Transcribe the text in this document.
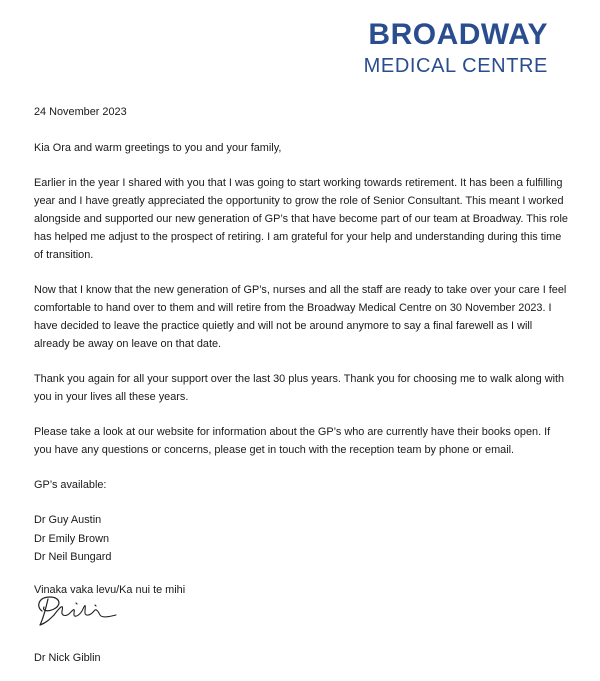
BROADWAY
MEDICAL CENTRE

24 November 2023

Kia Ora and warm greetings to you and your family,

Earlier in the year I shared with you that I was going to start working towards retirement. It has been a fulfilling year and I have greatly appreciated the opportunity to grow the role of Senior Consultant. This meant I worked alongside and supported our new generation of GP’s that have become part of our team at Broadway. This role has helped me adjust to the prospect of retiring. I am grateful for your help and understanding during this time of transition.

Now that I know that the new generation of GP’s, nurses and all the staff are ready to take over your care I feel comfortable to hand over to them and will retire from the Broadway Medical Centre on 30 November 2023. I have decided to leave the practice quietly and will not be around anymore to say a final farewell as I will already be away on leave on that date.

Thank you again for all your support over the last 30 plus years. Thank you for choosing me to walk along with you in your lives all these years.

Please take a look at our website for information about the GP’s who are currently have their books open. If you have any questions or concerns, please get in touch with the reception team by phone or email.

GP’s available:

Dr Guy Austin
Dr Emily Brown
Dr Neil Bungard

Vinaka vaka levu/Ka nui te mihi

Dr Nick Giblin
